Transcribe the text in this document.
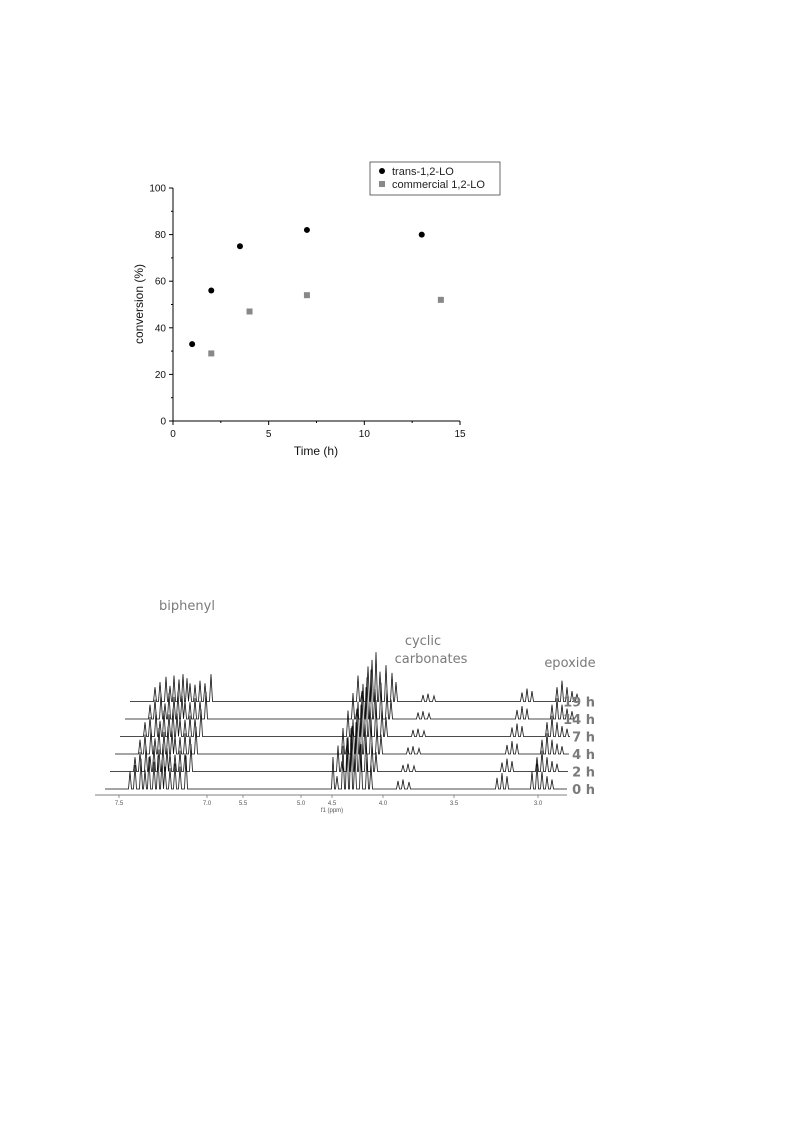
trans-1,2-LO
commercial 1,2-LO
0	5	10	15
0
20
40
60
80
100
Time (h)
conversion (%)
7.5	7.0	5.5	5.0	4.5	4.0	3.5	3.0
biphenyl
cyclic
carbonates	epoxide
0 h
2 h
4 h
7 h
14 h
19 h
f1 (ppm)
